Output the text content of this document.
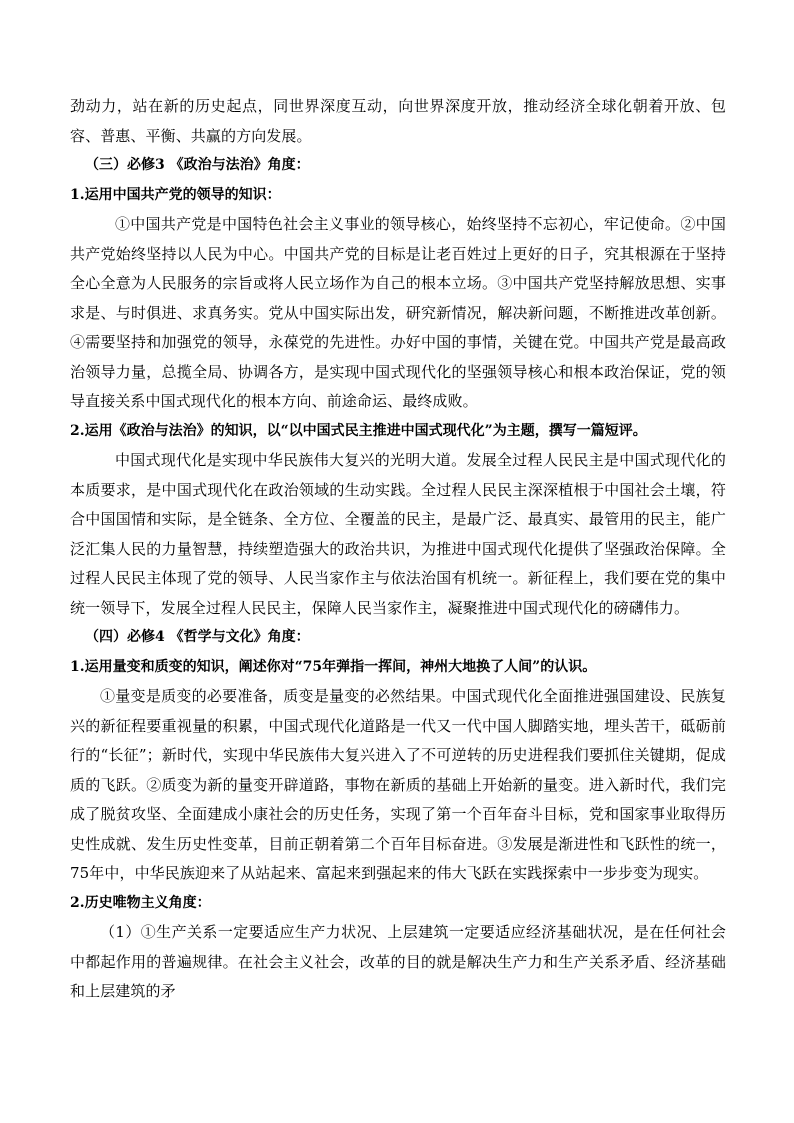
劲动力，站在新的历史起点，同世界深度互动，向世界深度开放，推动经济全球化朝着开放、包容、普惠、平衡、共赢的方向发展。

（三）必修3 《政治与法治》角度：

1.运用中国共产党的领导的知识：

①中国共产党是中国特色社会主义事业的领导核心，始终坚持不忘初心，牢记使命。②中国共产党始终坚持以人民为中心。中国共产党的目标是让老百姓过上更好的日子，究其根源在于坚持全心全意为人民服务的宗旨或将人民立场作为自己的根本立场。③中国共产党坚持解放思想、实事求是、与时俱进、求真务实。党从中国实际出发，研究新情况，解决新问题，不断推进改革创新。④需要坚持和加强党的领导，永葆党的先进性。办好中国的事情，关键在党。中国共产党是最高政治领导力量，总揽全局、协调各方，是实现中国式现代化的坚强领导核心和根本政治保证，党的领导直接关系中国式现代化的根本方向、前途命运、最终成败。

2.运用《政治与法治》的知识，以“以中国式民主推进中国式现代化”为主题，撰写一篇短评。

中国式现代化是实现中华民族伟大复兴的光明大道。发展全过程人民民主是中国式现代化的本质要求，是中国式现代化在政治领域的生动实践。全过程人民民主深深植根于中国社会土壤，符合中国国情和实际，是全链条、全方位、全覆盖的民主，是最广泛、最真实、最管用的民主，能广泛汇集人民的力量智慧，持续塑造强大的政治共识，为推进中国式现代化提供了坚强政治保障。全过程人民民主体现了党的领导、人民当家作主与依法治国有机统一。新征程上，我们要在党的集中统一领导下，发展全过程人民民主，保障人民当家作主，凝聚推进中国式现代化的磅礴伟力。

（四）必修4 《哲学与文化》角度：

1.运用量变和质变的知识，阐述你对“75年弹指一挥间，神州大地换了人间”的认识。

①量变是质变的必要准备，质变是量变的必然结果。中国式现代化全面推进强国建设、民族复兴的新征程要重视量的积累，中国式现代化道路是一代又一代中国人脚踏实地，埋头苦干，砥砺前行的“长征”；新时代，实现中华民族伟大复兴进入了不可逆转的历史进程我们要抓住关键期，促成质的飞跃。②质变为新的量变开辟道路，事物在新质的基础上开始新的量变。进入新时代，我们完成了脱贫攻坚、全面建成小康社会的历史任务，实现了第一个百年奋斗目标，党和国家事业取得历史性成就、发生历史性变革，目前正朝着第二个百年目标奋进。③发展是渐进性和飞跃性的统一，75年中，中华民族迎来了从站起来、富起来到强起来的伟大飞跃在实践探索中一步步变为现实。

2.历史唯物主义角度：

（1）①生产关系一定要适应生产力状况、上层建筑一定要适应经济基础状况，是在任何社会中都起作用的普遍规律。在社会主义社会，改革的目的就是解决生产力和生产关系矛盾、经济基础和上层建筑的矛
